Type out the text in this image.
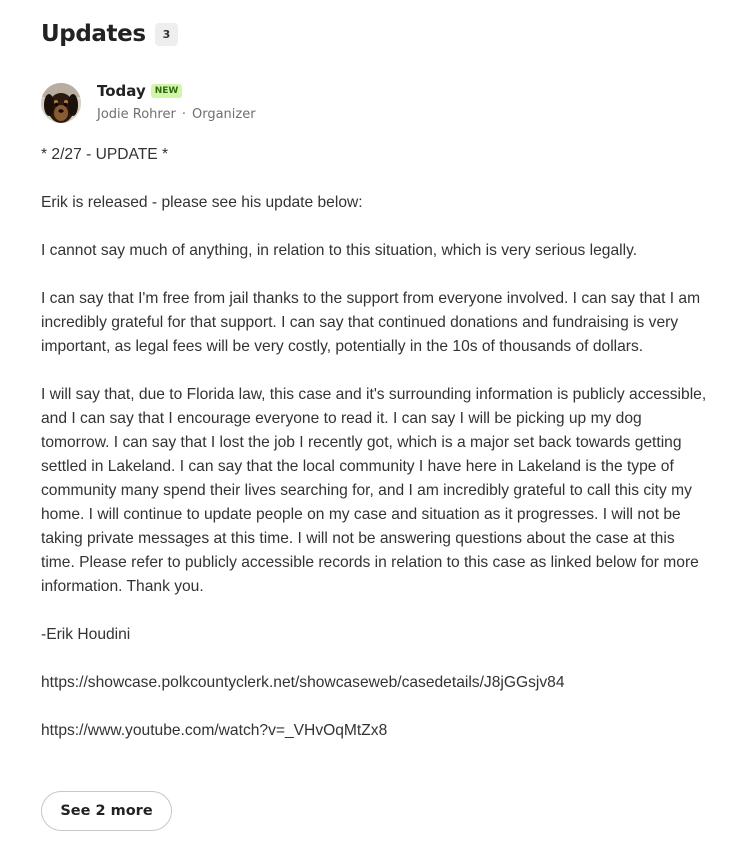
Updates	3
Today	NEW
Jodie Rohrer · Organizer

* 2/27 - UPDATE *

Erik is released - please see his update below:

I cannot say much of anything, in relation to this situation, which is very serious legally.

I can say that I'm free from jail thanks to the support from everyone involved. I can say that I am incredibly grateful for that support. I can say that continued donations and fundraising is very important, as legal fees will be very costly, potentially in the 10s of thousands of dollars.

I will say that, due to Florida law, this case and it's surrounding information is publicly accessible, and I can say that I encourage everyone to read it. I can say I will be picking up my dog tomorrow. I can say that I lost the job I recently got, which is a major set back towards getting settled in Lakeland. I can say that the local community I have here in Lakeland is the type of community many spend their lives searching for, and I am incredibly grateful to call this city my home. I will continue to update people on my case and situation as it progresses. I will not be taking private messages at this time. I will not be answering questions about the case at this time. Please refer to publicly accessible records in relation to this case as linked below for more information. Thank you.

-Erik Houdini

https://showcase.polkcountyclerk.net/showcaseweb/casedetails/J8jGGsjv84

https://www.youtube.com/watch?v=_VHvOqMtZx8

See 2 more
